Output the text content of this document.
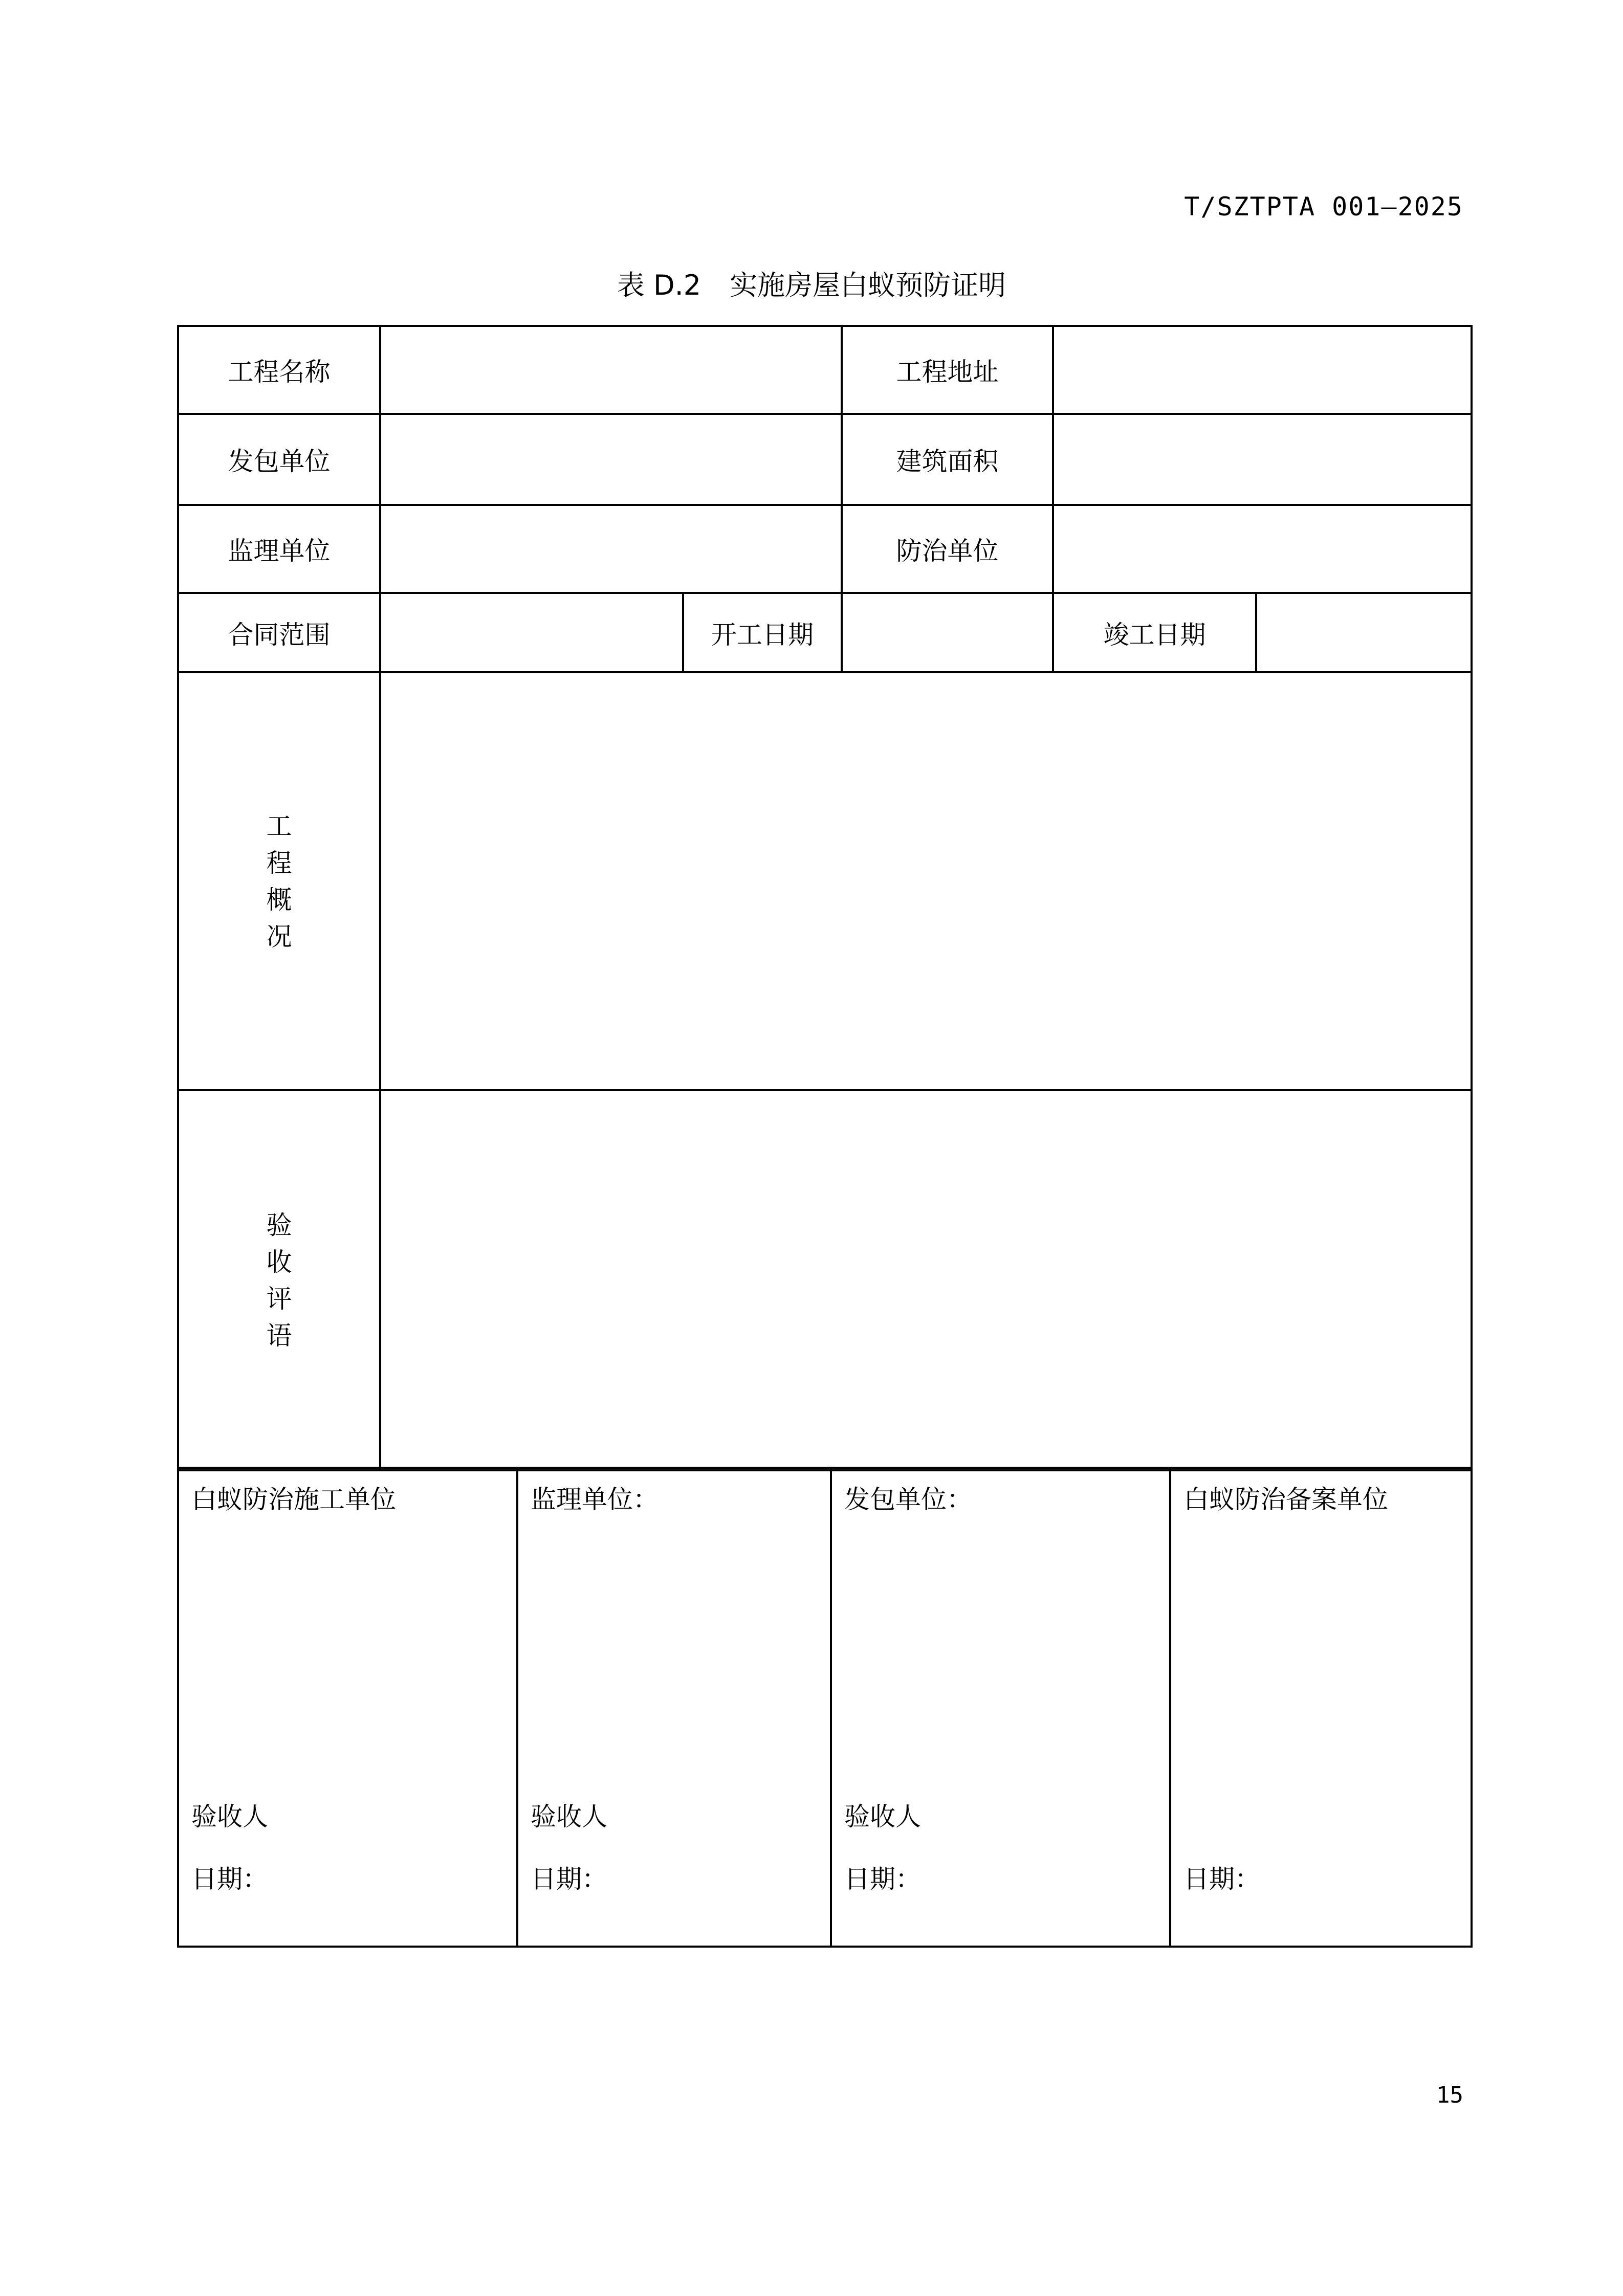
T/SZTPTA 001—2025
表 D.2 实施房屋白蚁预防证明
工程名称			工程地址		
发包单位			建筑面积		
监理单位			防治单位		
合同范围		开工日期		竣工日期	

工
程
概
况					

验
收
评
语					

白蚁防治施工单位
验收人
日期：

监理单位：
验收人
日期：

发包单位：
验收人
日期：

白蚁防治备案单位
日期：
15
